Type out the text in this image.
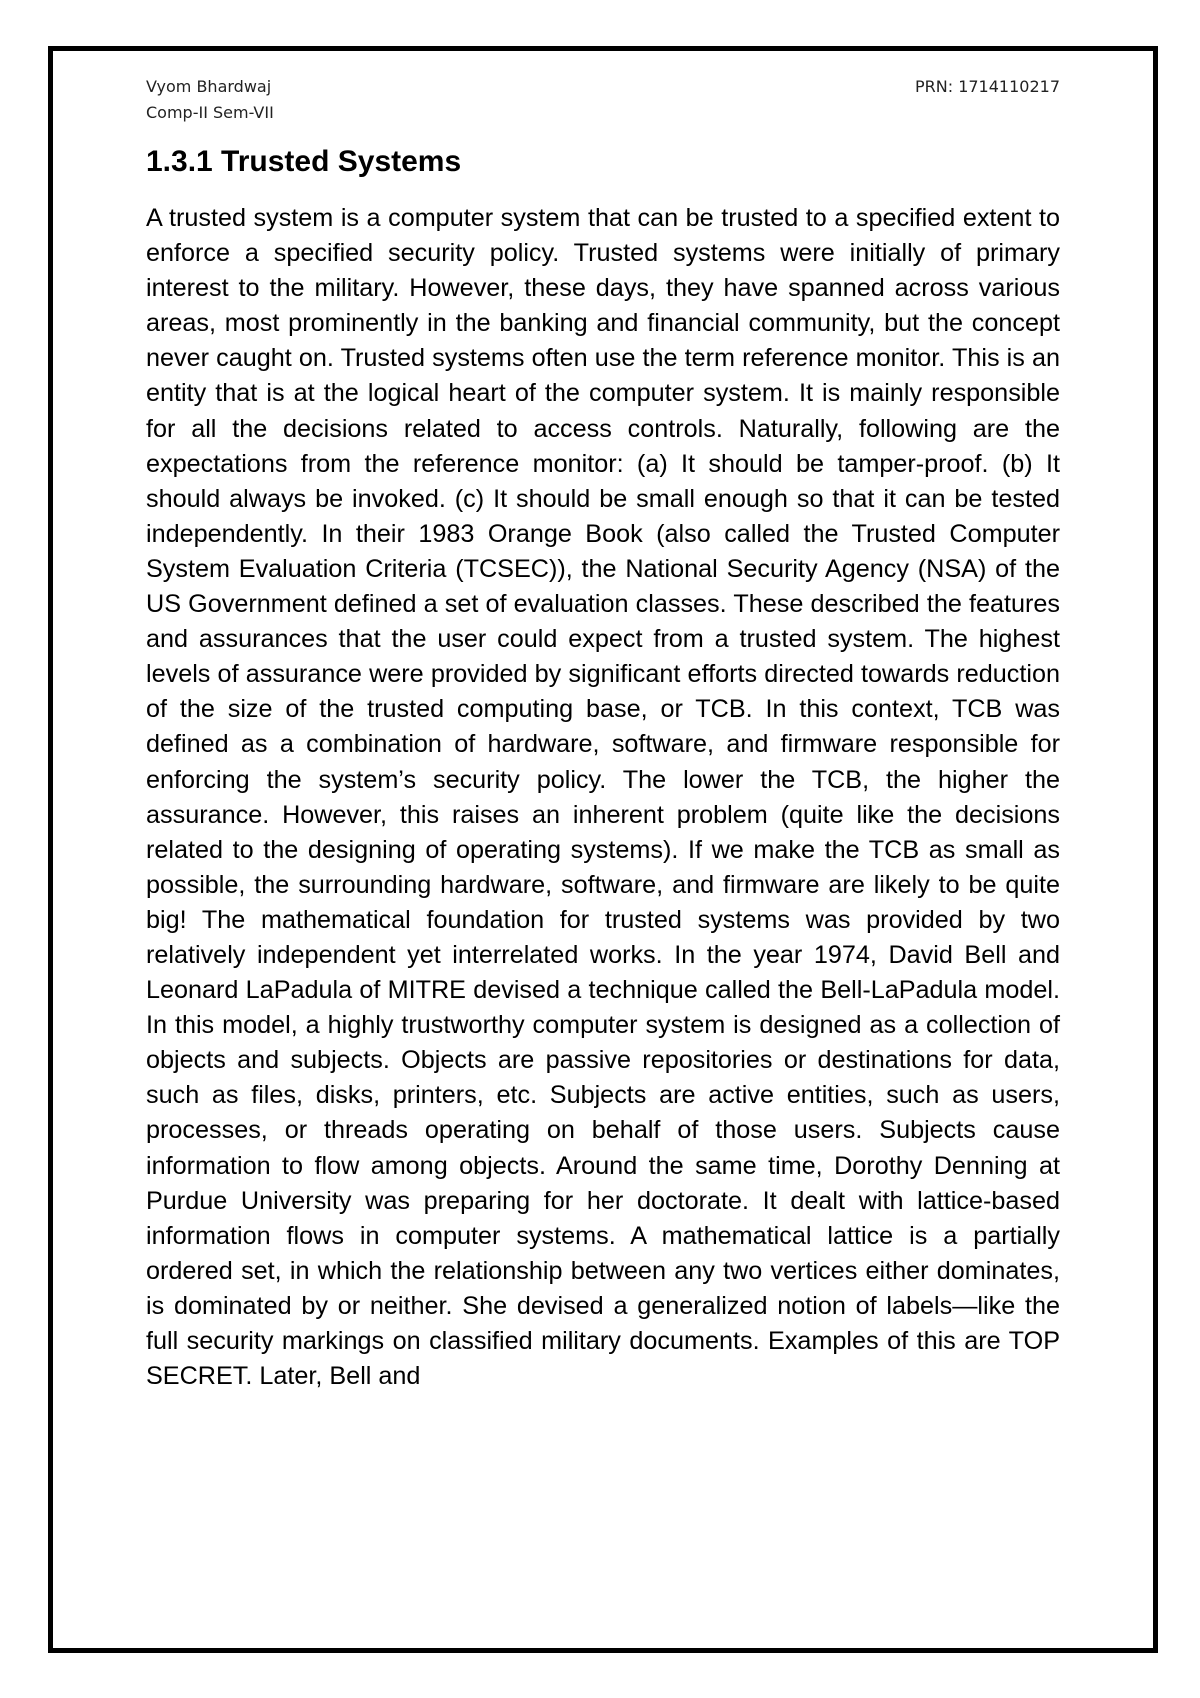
Vyom Bhardwaj	PRN: 1714110217
Comp-II Sem-VII
1.3.1 Trusted Systems

A trusted system is a computer system that can be trusted to a specified extent to enforce a specified security policy. Trusted systems were initially of primary interest to the military. However, these days, they have spanned across various areas, most prominently in the banking and financial community, but the concept never caught on. Trusted systems often use the term reference monitor. This is an entity that is at the logical heart of the computer system. It is mainly responsible for all the decisions related to access controls. Naturally, following are the expectations from the reference monitor: (a) It should be tamper-proof. (b) It should always be invoked. (c) It should be small enough so that it can be tested independently. In their 1983 Orange Book (also called the Trusted Computer System Evaluation Criteria (TCSEC)), the National Security Agency (NSA) of the US Government defined a set of evaluation classes. These described the features and assurances that the user could expect from a trusted system. The highest levels of assurance were provided by significant efforts directed towards reduction of the size of the trusted computing base, or TCB. In this context, TCB was defined as a combination of hardware, software, and firmware responsible for enforcing the system’s security policy. The lower the TCB, the higher the assurance. However, this raises an inherent problem (quite like the decisions related to the designing of operating systems). If we make the TCB as small as possible, the surrounding hardware, software, and firmware are likely to be quite big! The mathematical foundation for trusted systems was provided by two relatively independent yet interrelated works. In the year 1974, David Bell and Leonard LaPadula of MITRE devised a technique called the Bell-LaPadula model. In this model, a highly trustworthy computer system is designed as a collection of objects and subjects. Objects are passive repositories or destinations for data, such as files, disks, printers, etc. Subjects are active entities, such as users, processes, or threads operating on behalf of those users. Subjects cause information to flow among objects. Around the same time, Dorothy Denning at Purdue University was preparing for her doctorate. It dealt with lattice-based information flows in computer systems. A mathematical lattice is a partially ordered set, in which the relationship between any two vertices either dominates, is dominated by or neither. She devised a generalized notion of labels—like the full security markings on classified military documents. Examples of this are TOP SECRET. Later, Bell and
